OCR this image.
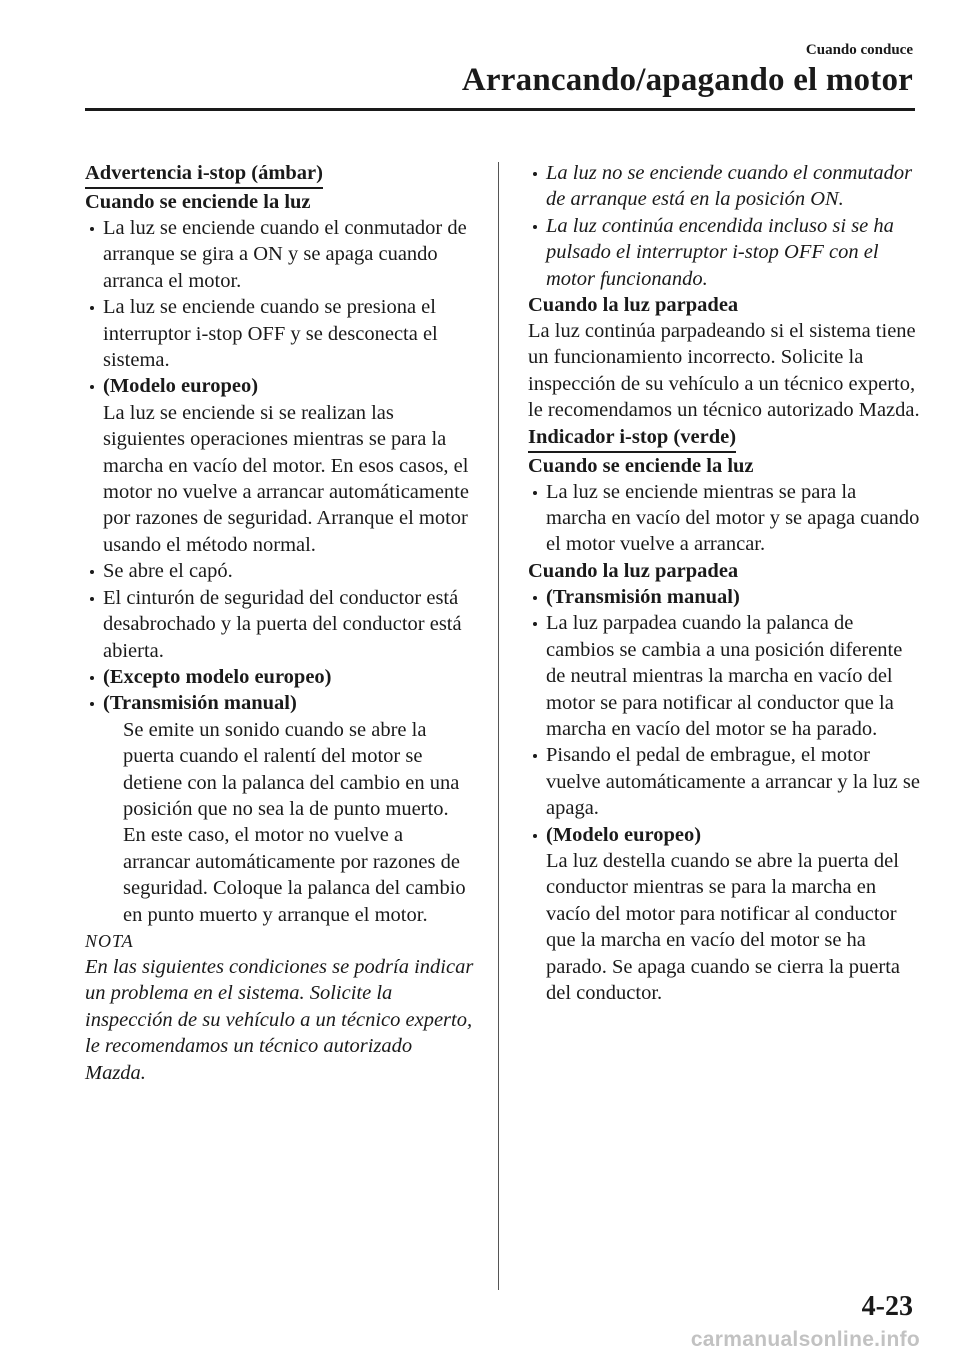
Cuando conduce
Arrancando/apagando el motor

Advertencia i-stop (ámbar)

Cuando se enciende la luz

La luz se enciende cuando el conmutador de arranque se gira a ON y se apaga cuando arranca el motor.

La luz se enciende cuando se presiona el interruptor i-stop OFF y se desconecta el sistema.

(Modelo europeo)

La luz se enciende si se realizan las siguientes operaciones mientras se para la marcha en vacío del motor. En esos casos, el motor no vuelve a arrancar automáticamente por razones de seguridad. Arranque el motor usando el método normal.

Se abre el capó.

El cinturón de seguridad del conductor está desabrochado y la puerta del conductor está abierta.

(Excepto modelo europeo)

(Transmisión manual)

Se emite un sonido cuando se abre la puerta cuando el ralentí del motor se detiene con la palanca del cambio en una posición que no sea la de punto muerto. En este caso, el motor no vuelve a arrancar automáticamente por razones de seguridad. Coloque la palanca del cambio en punto muerto y arranque el motor.

NOTA

En las siguientes condiciones se podría indicar un problema en el sistema. Solicite la inspección de su vehículo a un técnico experto, le recomendamos un técnico autorizado Mazda.

La luz no se enciende cuando el conmutador de arranque está en la posición ON.

La luz continúa encendida incluso si se ha pulsado el interruptor i-stop OFF con el motor funcionando.

Cuando la luz parpadea

La luz continúa parpadeando si el sistema tiene un funcionamiento incorrecto. Solicite la inspección de su vehículo a un técnico experto, le recomendamos un técnico autorizado Mazda.

Indicador i-stop (verde)

Cuando se enciende la luz

La luz se enciende mientras se para la marcha en vacío del motor y se apaga cuando el motor vuelve a arrancar.

Cuando la luz parpadea

(Transmisión manual)

La luz parpadea cuando la palanca de cambios se cambia a una posición diferente de neutral mientras la marcha en vacío del motor se para notificar al conductor que la marcha en vacío del motor se ha parado.

Pisando el pedal de embrague, el motor vuelve automáticamente a arrancar y la luz se apaga.

(Modelo europeo)

La luz destella cuando se abre la puerta del conductor mientras se para la marcha en vacío del motor para notificar al conductor que la marcha en vacío del motor se ha parado. Se apaga cuando se cierra la puerta del conductor.

4-23
carmanualsonline.info
